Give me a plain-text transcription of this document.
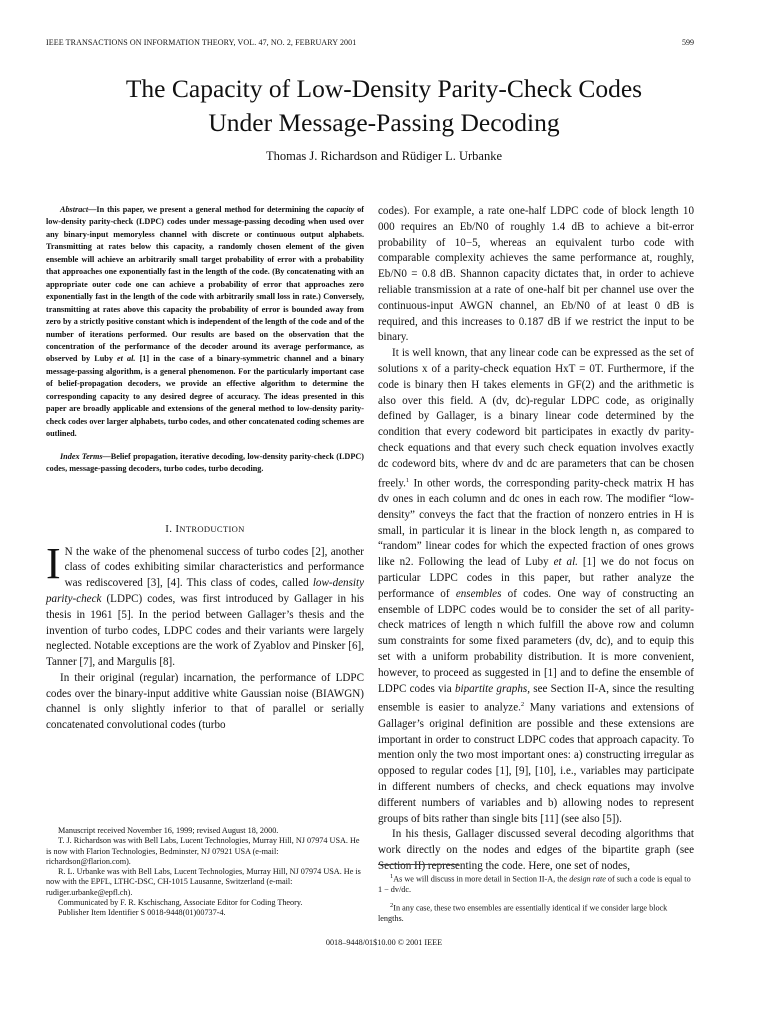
IEEE TRANSACTIONS ON INFORMATION THEORY, VOL. 47, NO. 2, FEBRUARY 2001	599
The Capacity of Low-Density Parity-Check Codes
Under Message-Passing Decoding
Thomas J. Richardson and Rüdiger L. Urbanke

Abstract—In this paper, we present a general method for determining the capacity of low-density parity-check (LDPC) codes under message-passing decoding when used over any binary-input memoryless channel with discrete or continuous output alphabets. Transmitting at rates below this capacity, a randomly chosen element of the given ensemble will achieve an arbitrarily small target probability of error with a probability that approaches one exponentially fast in the length of the code. (By concatenating with an appropriate outer code one can achieve a probability of error that approaches zero exponentially fast in the length of the code with arbitrarily small loss in rate.) Conversely, transmitting at rates above this capacity the probability of error is bounded away from zero by a strictly positive constant which is independent of the length of the code and of the number of iterations performed. Our results are based on the observation that the concentration of the performance of the decoder around its average performance, as observed by Luby et al. [1] in the case of a binary-symmetric channel and a binary message-passing algorithm, is a general phenomenon. For the particularly important case of belief-propagation decoders, we provide an effective algorithm to determine the corresponding capacity to any desired degree of accuracy. The ideas presented in this paper are broadly applicable and extensions of the general method to low-density parity-check codes over larger alphabets, turbo codes, and other concatenated coding schemes are outlined.

Index Terms—Belief propagation, iterative decoding, low-density parity-check (LDPC) codes, message-passing decoders, turbo codes, turbo decoding.

I. INTRODUCTION

I N the wake of the phenomenal success of turbo codes [2], another class of codes exhibiting similar characteristics and performance was rediscovered [3], [4]. This class of codes, called low-density parity-check (LDPC) codes, was first introduced by Gallager in his thesis in 1961 [5]. In the period between Gallager’s thesis and the invention of turbo codes, LDPC codes and their variants were largely neglected. Notable exceptions are the work of Zyablov and Pinsker [6], Tanner [7], and Margulis [8].

In their original (regular) incarnation, the performance of LDPC codes over the binary-input additive white Gaussian noise (BIAWGN) channel is only slightly inferior to that of parallel or serially concatenated convolutional codes (turbo

Manuscript received November 16, 1999; revised August 18, 2000.

T. J. Richardson was with Bell Labs, Lucent Technologies, Murray Hill, NJ 07974 USA. He is now with Flarion Technologies, Bedminster, NJ 07921 USA (e-mail: richardson@flarion.com).

R. L. Urbanke was with Bell Labs, Lucent Technologies, Murray Hill, NJ 07974 USA. He is now with the EPFL, LTHC-DSC, CH-1015 Lausanne, Switzerland (e-mail: rudiger.urbanke@epfl.ch).

Communicated by F. R. Kschischang, Associate Editor for Coding Theory.

Publisher Item Identifier S 0018-9448(01)00737-4.

codes). For example, a rate one-half LDPC code of block length 10 000 requires an Eb/N0 of roughly 1.4 dB to achieve a bit-error probability of 10−5, whereas an equivalent turbo code with comparable complexity achieves the same performance at, roughly, Eb/N0 = 0.8 dB. Shannon capacity dictates that, in order to achieve reliable transmission at a rate of one-half bit per channel use over the continuous-input AWGN channel, an Eb/N0 of at least 0 dB is required, and this increases to 0.187 dB if we restrict the input to be binary.

It is well known, that any linear code can be expressed as the set of solutions x of a parity-check equation HxT = 0T. Furthermore, if the code is binary then H takes elements in GF(2) and the arithmetic is also over this field. A (dv, dc)-regular LDPC code, as originally defined by Gallager, is a binary linear code determined by the condition that every codeword bit participates in exactly dv parity-check equations and that every such check equation involves exactly dc codeword bits, where dv and dc are parameters that can be chosen freely.$^1$ In other words, the corresponding parity-check matrix H has dv ones in each column and dc ones in each row. The modifier “low-density” conveys the fact that the fraction of nonzero entries in H is small, in particular it is linear in the block length n, as compared to “random” linear codes for which the expected fraction of ones grows like n2. Following the lead of Luby et al. [1] we do not focus on particular LDPC codes in this paper, but rather analyze the performance of ensembles of codes. One way of constructing an ensemble of LDPC codes would be to consider the set of all parity-check matrices of length n which fulfill the above row and column sum constraints for some fixed parameters (dv, dc), and to equip this set with a uniform probability distribution. It is more convenient, however, to proceed as suggested in [1] and to define the ensemble of LDPC codes via bipartite graphs, see Section II-A, since the resulting ensemble is easier to analyze.$^2$ Many variations and extensions of Gallager’s original definition are possible and these extensions are important in order to construct LDPC codes that approach capacity. To mention only the two most important ones: a) constructing irregular as opposed to regular codes [1], [9], [10], i.e., variables may participate in different numbers of checks, and check equations may involve different numbers of variables and b) allowing nodes to represent groups of bits rather than single bits [11] (see also [5]).

In his thesis, Gallager discussed several decoding algorithms that work directly on the nodes and edges of the bipartite graph (see Section II) representing the code. Here, one set of nodes,

$^1$As we will discuss in more detail in Section II-A, the design rate of such a code is equal to 1 − dv/dc.

$^2$In any case, these two ensembles are essentially identical if we consider large block lengths.

0018–9448/01$10.00 © 2001 IEEE
